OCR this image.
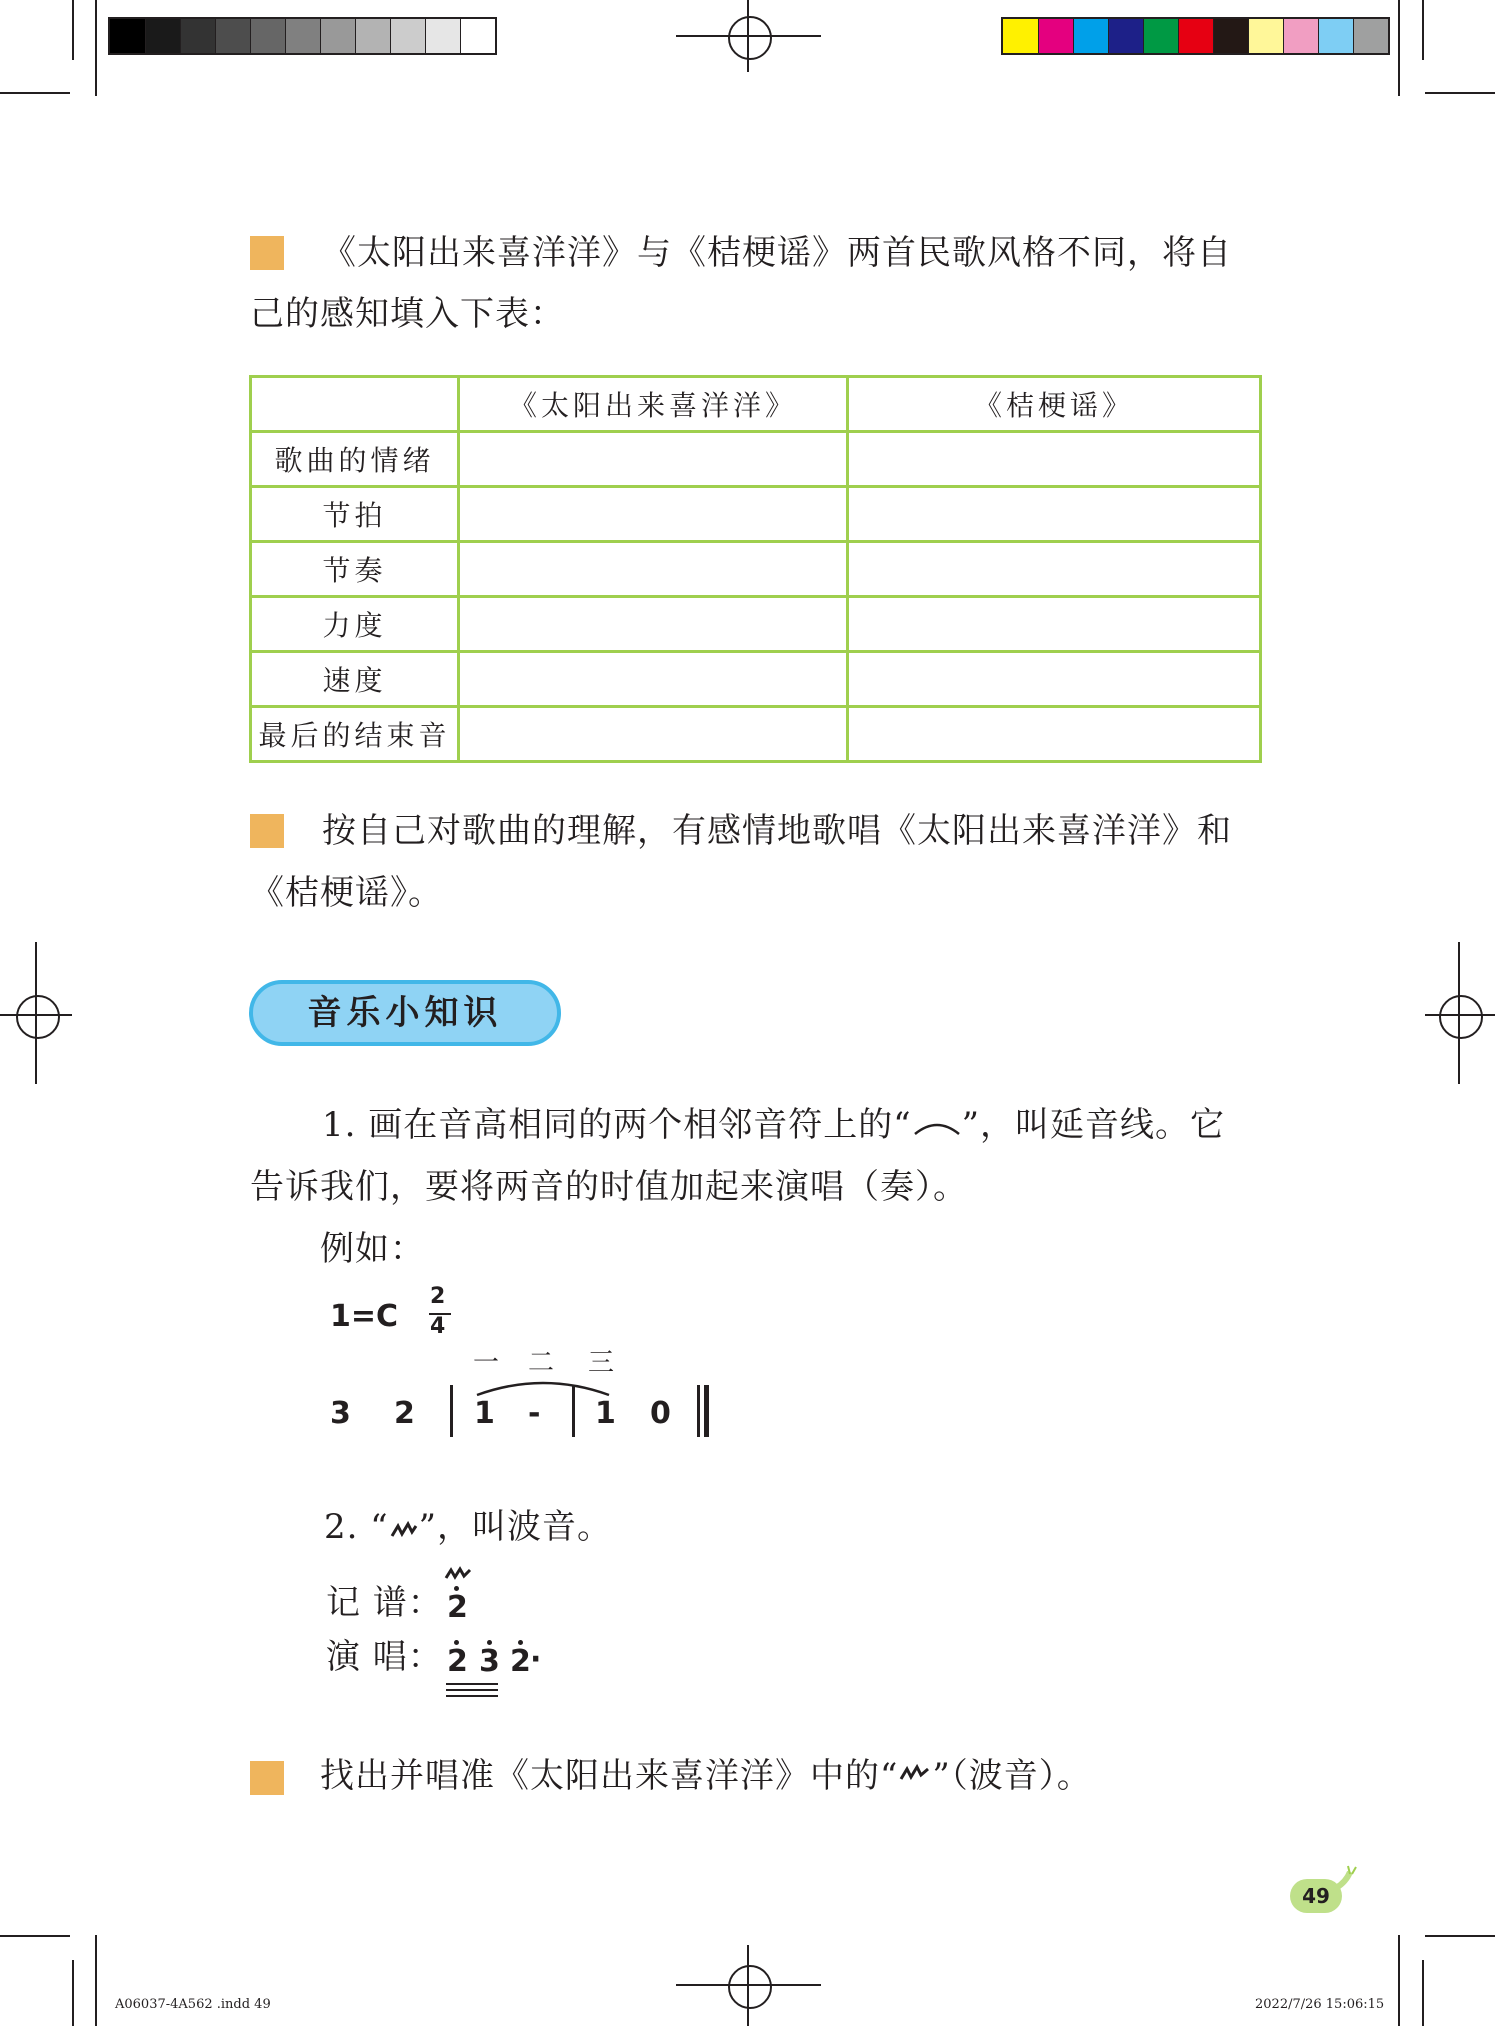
《太阳出来喜洋洋》与《桔梗谣》两首民歌风格不同，将自
己的感知填入下表：
	《太阳出来喜洋洋》	《桔梗谣》
歌曲的情绪		
节拍		
节奏		
力度		
速度		
最后的结束音		
按自己对歌曲的理解，有感情地歌唱《太阳出来喜洋洋》和
《桔梗谣》。
音乐小知识
1. 画在音高相同的两个相邻音符上的“ ”，叫延音线。它
告诉我们，要将两音的时值加起来演唱（奏）。
例如：
1=C
2
4
一 二 三
3 2 1 - 1 0
2. “ ”，叫波音。
记 谱： 2
演 唱： 2 3 2 ·
找出并唱准《太阳出来喜洋洋》中的“ ”（波音）。
49
A06037-4A562 .indd 49	2022/7/26 15:06:15
